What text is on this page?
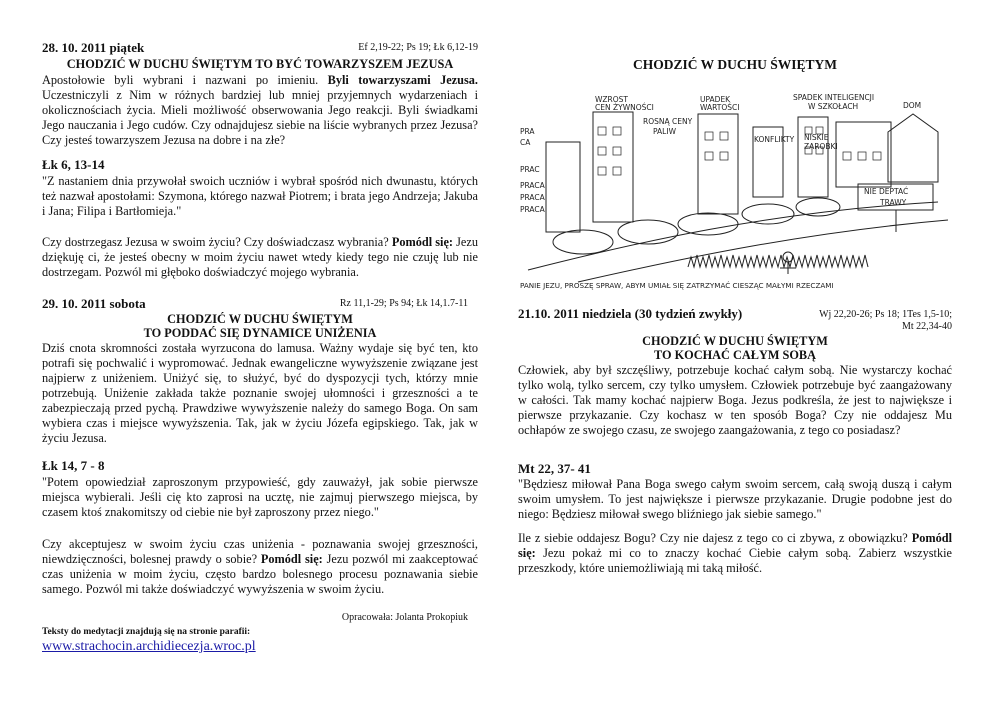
28. 10. 2011 piątek	Ef 2,19-22; Ps 19; Łk 6,12-19
CHODZIĆ W DUCHU ŚWIĘTYM TO BYĆ TOWARZYSZEM JEZUSA

Apostołowie byli wybrani i nazwani po imieniu. Byli towarzyszami Jezusa. Uczestniczyli z Nim w różnych bardziej lub mniej przyjemnych wydarzeniach i okolicznościach życia. Mieli możliwość obserwowania Jego reakcji. Byli świadkami Jego nauczania i Jego cudów. Czy odnajdujesz siebie na liście wybranych przez Jezusa? Czy jesteś towarzyszem Jezusa na dobre i na złe?

Łk 6, 13-14

"Z nastaniem dnia przywołał swoich uczniów i wybrał spośród nich dwunastu, których też nazwał apostołami: Szymona, którego nazwał Piotrem; i brata jego Andrzeja; Jakuba i Jana; Filipa i Bartłomieja."

Czy dostrzegasz Jezusa w swoim życiu? Czy doświadczasz wybrania? Pomódl się: Jezu dziękuję ci, że jesteś obecny w moim życiu nawet wtedy kiedy tego nie czuję lub nie dostrzegam. Pozwól mi głęboko doświadczyć mojego wybrania.

29. 10. 2011 sobota	Rz 11,1-29; Ps 94; Łk 14,1.7-11
CHODZIĆ W DUCHU ŚWIĘTYM
TO PODDAĆ SIĘ DYNAMICE UNIŻENIA

Dziś cnota skromności została wyrzucona do lamusa. Ważny wydaje się być ten, kto potrafi się pochwalić i wypromować. Jednak ewangeliczne wywyższenie związane jest najpierw z uniżeniem. Uniżyć się, to służyć, być do dyspozycji tych, którzy mnie potrzebują. Uniżenie zakłada także poznanie swojej ułomności i grzeszności a te zabezpieczają przed pychą. Prawdziwe wywyższenie należy do samego Boga. On sam wybiera czas i miejsce wywyższenia. Tak, jak w życiu Józefa egipskiego. Tak, jak w życiu Jezusa.

Łk 14, 7 - 8

"Potem opowiedział zaproszonym przypowieść, gdy zauważył, jak sobie pierwsze miejsca wybierali. Jeśli cię kto zaprosi na ucztę, nie zajmuj pierwszego miejsca, by czasem ktoś znakomitszy od ciebie nie był zaproszony przez niego."

Czy akceptujesz w swoim życiu czas uniżenia - poznawania swojej grzeszności, niewdzięczności, bolesnej prawdy o sobie? Pomódl się: Jezu pozwól mi zaakceptować czas uniżenia w moim życiu, często bardzo bolesnego procesu poznawania siebie samego. Pozwól mi także doświadczyć wywyższenia w swoim życiu.

Opracowała: Jolanta Prokopiuk
Teksty do medytacji znajdują się na stronie parafii:
www.strachocin.archidiecezja.wroc.pl
CHODZIĆ W DUCHU ŚWIĘTYM
PRA
CA
PRAC
PRACA
PRACA
PRACA
WZROST
CEN ŻYWNOŚCI
UPADEK
WARTOŚCI
SPADEK INTELIGENCJI
W SZKOŁACH	DOM
ROSNĄ CENY
PALIW
KONFLIKTY NISKIE
ZAROBKI
NIE DEPTAĆ
TRAWY
PANIE JEZU, PROSZĘ SPRAW, ABYM UMIAŁ SIĘ ZATRZYMAĆ CIESZĄC MAŁYMI RZECZAMI
21.10. 2011 niedziela (30 tydzień zwykły)	Wj 22,20-26; Ps 18; 1Tes 1,5-10;
Mt 22,34-40
CHODZIĆ W DUCHU ŚWIĘTYM
TO KOCHAĆ CAŁYM SOBĄ

Człowiek, aby był szczęśliwy, potrzebuje kochać całym sobą. Nie wystarczy kochać tylko wolą, tylko sercem, czy tylko umysłem. Człowiek potrzebuje być zaangażowany w całości. Tak mamy kochać najpierw Boga. Jezus podkreśla, że jest to największe i pierwsze przykazanie. Czy kochasz w ten sposób Boga? Czy nie oddajesz Mu ochłapów ze swojego czasu, ze swojego zaangażowania, z tego co posiadasz?

Mt 22, 37- 41

"Będziesz miłował Pana Boga swego całym swoim sercem, całą swoją duszą i całym swoim umysłem. To jest największe i pierwsze przykazanie. Drugie podobne jest do niego: Będziesz miłował swego bliźniego jak siebie samego."

Ile z siebie oddajesz Bogu? Czy nie dajesz z tego co ci zbywa, z obowiązku? Pomódl się: Jezu pokaż mi co to znaczy kochać Ciebie całym sobą. Zabierz wszystkie przeszkody, które uniemożliwiają mi taką miłość.
